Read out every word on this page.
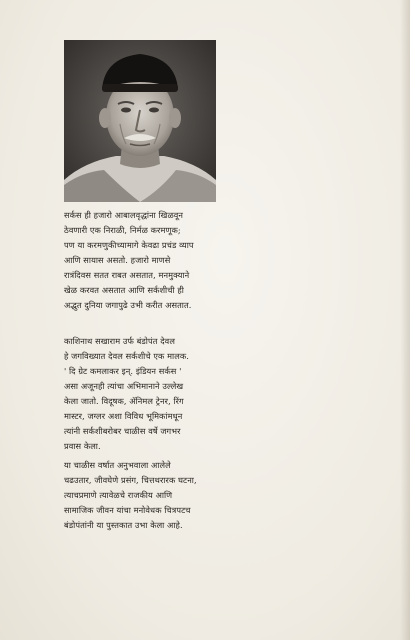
सर्कस ही हजारो आबालवृद्धांना खिळवून
ठेवणारी एक निराळी, निर्मळ करमणूक;
पण या करमणुकीच्यामागे केवढा प्रचंड व्याप
आणि सायास असतो. हजारो माणसे
रात्रंदिवस सतत राबत असतात, मनमुक्याने
खेळ करवत असतात आणि सर्कशीची ही
अद्भुत दुनिया जगापुढे उभी करीत असतात.
काशिनाथ सखाराम उर्फ बंडोपंत देवल
हे जगविख्यात देवल सर्कशीचे एक मालक.
' दि ग्रेट कमलाकर इन्. इंडियन सर्कस '
असा अजूनही त्यांचा अभिमानाने उल्लेख
केला जातो. विदूषक, ॲनिमल ट्रेनर, रिंग
मास्टर, जग्लर अशा विविध भूमिकांमधून
त्यांनी सर्कशीबरोबर चाळीस वर्षे जगभर
प्रवास केला.
या चाळीस वर्षात अनुभवाला आलेले
चढउतार, जीवघेणे प्रसंग, चित्तथरारक घटना,
त्याचप्रमाणे त्यावेळचे राजकीय आणि
सामाजिक जीवन यांचा मनोवेधक चित्रपटच
बंडोपंतांनी या पुस्तकात उभा केला आहे.
